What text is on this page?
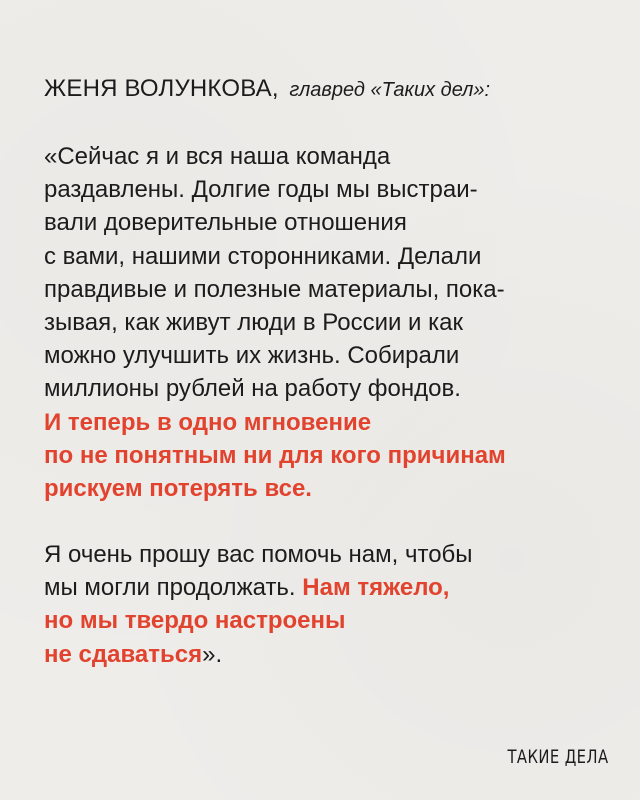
ЖЕНЯ ВОЛУНКОВА, главред «Таких дел»:
«Сейчас я и вся наша команда
раздавлены. Долгие годы мы выстраи-
вали доверительные отношения
с вами, нашими сторонниками. Делали
правдивые и полезные материалы, пока-
зывая, как живут люди в России и как
можно улучшить их жизнь. Собирали
миллионы рублей на работу фондов.
И теперь в одно мгновение
по не понятным ни для кого причинам
рискуем потерять все.
Я очень прошу вас помочь нам, чтобы
мы могли продолжать. Нам тяжело,
но мы твердо настроены
не сдаваться».
ТАКИЕ ДЕЛА
